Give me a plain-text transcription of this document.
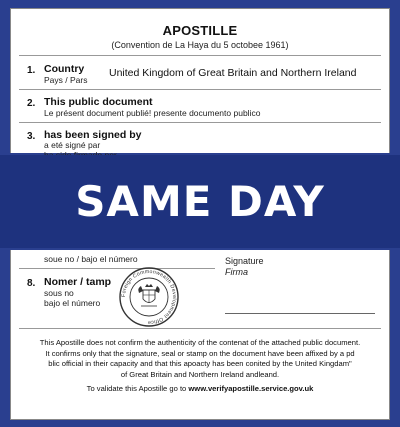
APOSTILLE
(Convention de La Haya du 5 octobee 1961)
1. Country
Pays / Pars
United Kingdom of Great Britain and Northern Ireland
2. This public document
Le présent document publié! presente documento publico
3. has been signed by
a eté signé par
SAME DAY
soue no / bajo el número	Signature
Firma
8. Nomer / tamp
sous no
bajo el número
This Apostille does not confirm the authenticity of the contenat of the attached public document.
It confirms only that the signature, seal or stamp on the document have been affixed by a pd
blic official in their capacity and that this apoacty has been conited by the United Kingdam"
of Great Britain and Northern Ireland andleand.
To validate this Apostille go to www.verifyapostille.service.gov.uk
Foreign Commonwealth Development Office
